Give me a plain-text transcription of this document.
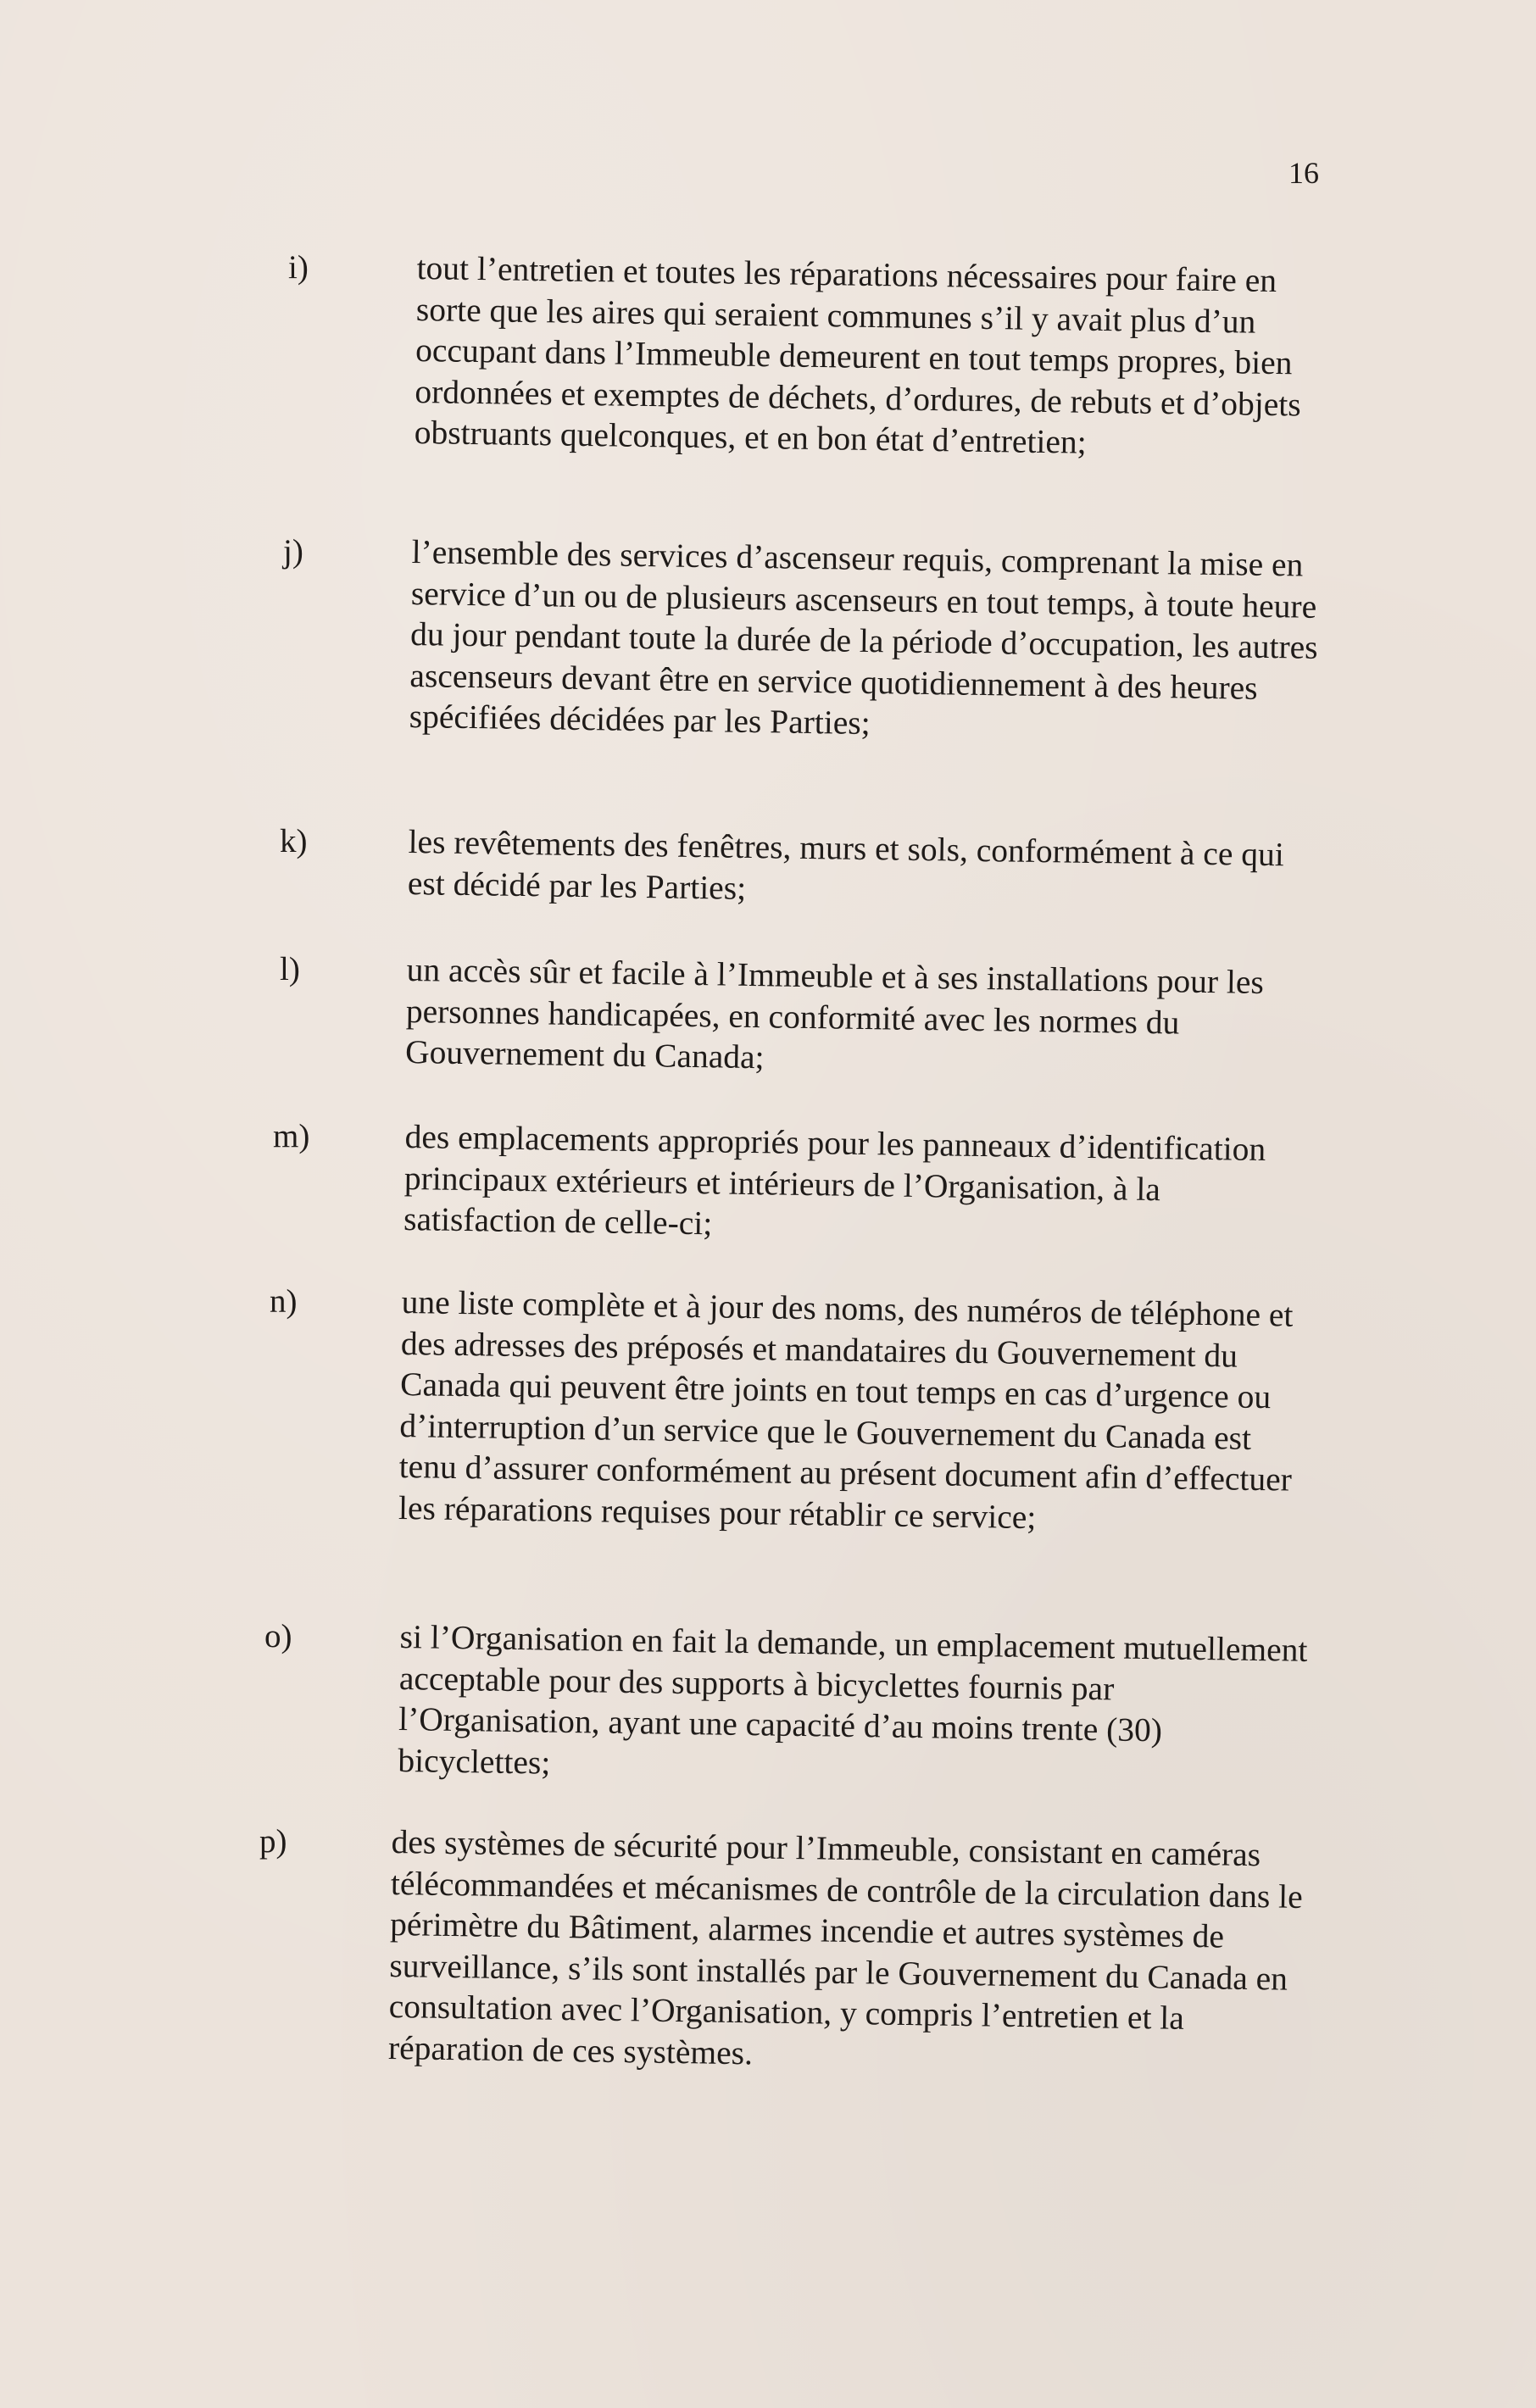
16
i)	tout l’entretien et toutes les réparations nécessaires pour faire en sorte que les aires qui seraient communes s’il y avait plus d’un occupant dans l’Immeuble demeurent en tout temps propres, bien ordonnées et exemptes de déchets, d’ordures, de rebuts et d’objets obstruants quelconques, et en bon état d’entretien;
j)	l’ensemble des services d’ascenseur requis, comprenant la mise en service d’un ou de plusieurs ascenseurs en tout temps, à toute heure du jour pendant toute la durée de la période d’occupation, les autres ascenseurs devant être en service quotidiennement à des heures spécifiées décidées par les Parties;
k)	les revêtements des fenêtres, murs et sols, conformément à ce qui est décidé par les Parties;
l)	un accès sûr et facile à l’Immeuble et à ses installations pour les personnes handicapées, en conformité avec les normes du Gouvernement du Canada;
m)	des emplacements appropriés pour les panneaux d’identification principaux extérieurs et intérieurs de l’Organisation, à la satisfaction de celle-ci;
n)	une liste complète et à jour des noms, des numéros de téléphone et des adresses des préposés et mandataires du Gouvernement du Canada qui peuvent être joints en tout temps en cas d’urgence ou d’interruption d’un service que le Gouvernement du Canada est tenu d’assurer conformément au présent document afin d’effectuer les réparations requises pour rétablir ce service;
o)	si l’Organisation en fait la demande, un emplacement mutuellement acceptable pour des supports à bicyclettes fournis par l’Organisation, ayant une capacité d’au moins trente (30) bicyclettes;
p)	des systèmes de sécurité pour l’Immeuble, consistant en caméras télécommandées et mécanismes de contrôle de la circulation dans le périmètre du Bâtiment, alarmes incendie et autres systèmes de surveillance, s’ils sont installés par le Gouvernement du Canada en consultation avec l’Organisation, y compris l’entretien et la réparation de ces systèmes.
